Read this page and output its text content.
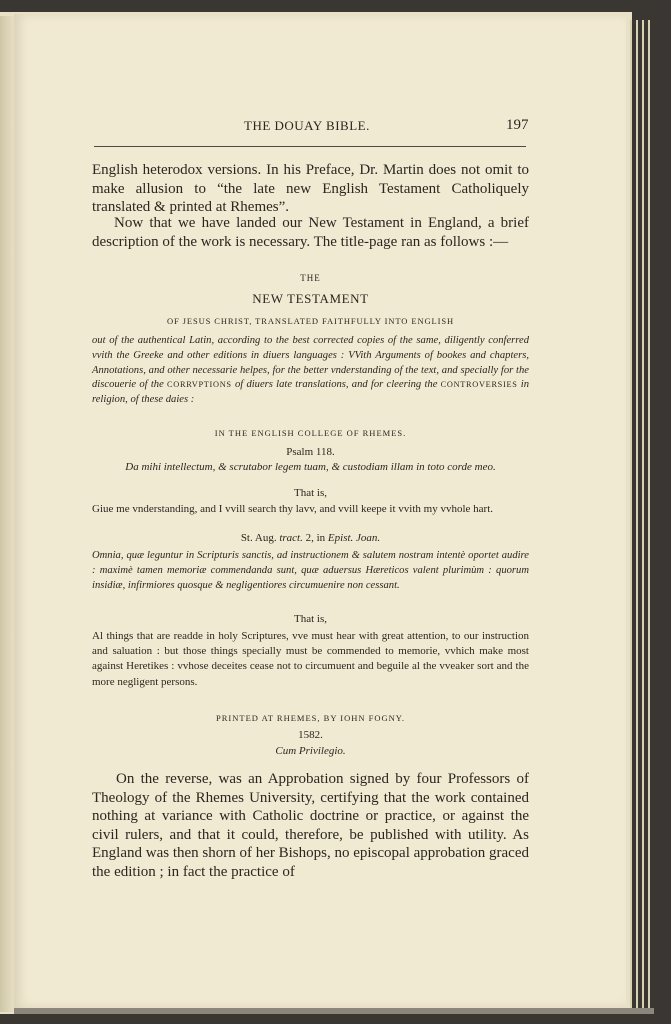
THE DOUAY BIBLE.	197
English heterodox versions. In his Preface, Dr. Martin does not omit to make allusion to “the late new English Testament Catholiquely translated & printed at Rhemes”.
Now that we have landed our New Testament in England, a brief description of the work is necessary. The title-page ran as follows :—
THE
NEW TESTAMENT
OF JESUS CHRIST, TRANSLATED FAITHFULLY INTO ENGLISH
out of the authentical Latin, according to the best corrected copies of the same, diligently conferred vvith the Greeke and other editions in diuers languages : VVith Arguments of bookes and chapters, Annotations, and other necessarie helpes, for the better vnderstanding of the text, and specially for the discouerie of the CORRVPTIONS of diuers late translations, and for cleering the CONTROVERSIES in religion, of these daies :
IN THE ENGLISH COLLEGE OF RHEMES.
Psalm 118.
Da mihi intellectum, & scrutabor legem tuam, & custodiam illam in toto corde meo.
That is,
Giue me vnderstanding, and I vvill search thy lavv, and vvill keepe it vvith my vvhole hart.
St. Aug. tract. 2, in Epist. Joan.
Omnia, quæ leguntur in Scripturis sanctis, ad instructionem & salutem nostram intentè oportet audire : maximè tamen memoriæ commendanda sunt, quæ aduersus Hæreticos valent plurimùm : quorum insidiæ, infirmiores quosque & negligentiores circumuenire non cessant.
That is,
Al things that are readde in holy Scriptures, vve must hear with great attention, to our instruction and saluation : but those things specially must be commended to memorie, vvhich make most against Heretikes : vvhose deceites cease not to circumuent and beguile al the vveaker sort and the more negligent persons.
PRINTED AT RHEMES, BY IOHN FOGNY.
1582.
Cum Privilegio.
On the reverse, was an Approbation signed by four Professors of Theology of the Rhemes University, certifying that the work contained nothing at variance with Catholic doctrine or practice, or against the civil rulers, and that it could, therefore, be published with utility. As England was then shorn of her Bishops, no episcopal approbation graced the edition ; in fact the practice of
